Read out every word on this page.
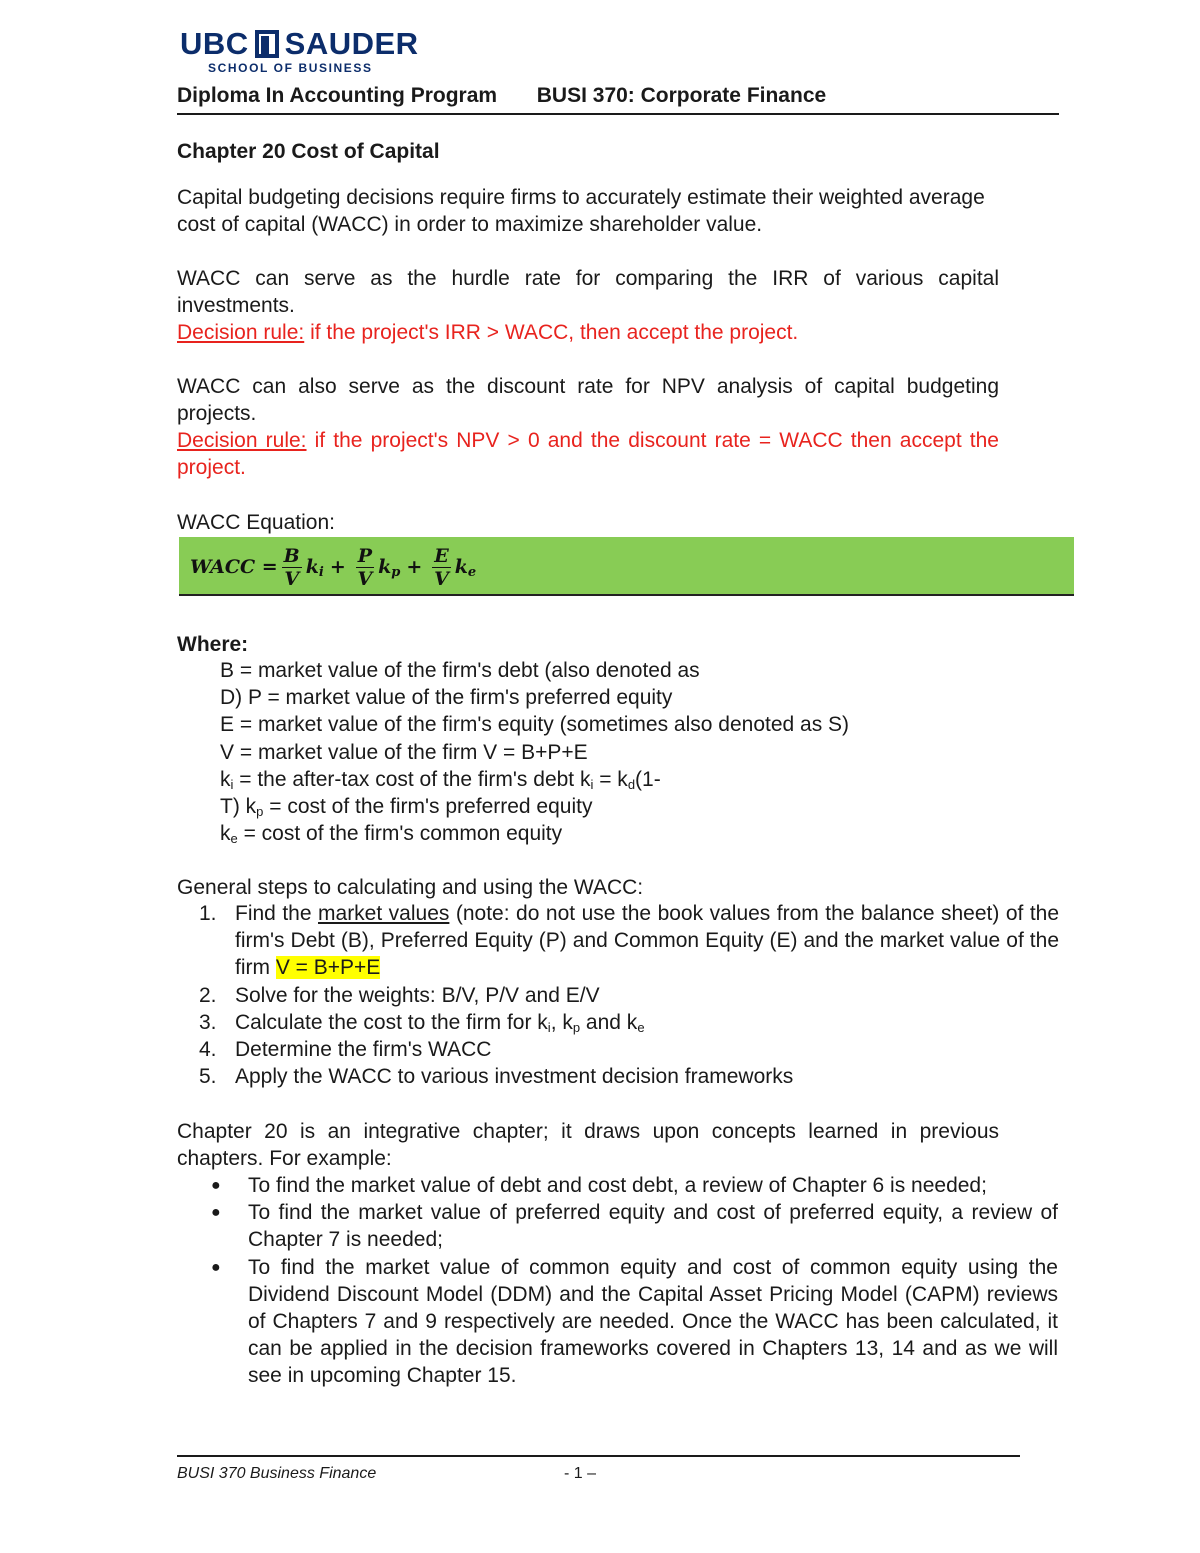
UBC SAUDER
SCHOOL OF BUSINESS
Diploma In Accounting Program BUSI 370: Corporate Finance
Chapter 20 Cost of Capital
Capital budgeting decisions require firms to accurately estimate their weighted average cost of capital (WACC) in order to maximize shareholder value.
WACC can serve as the hurdle rate for comparing the IRR of various capital investments.
Decision rule: if the project's IRR > WACC, then accept the project.
WACC can also serve as the discount rate for NPV analysis of capital budgeting projects.
Decision rule: if the project's NPV > 0 and the discount rate = WACC then accept the project.
WACC Equation:
WACC = $\frac{B}{V} k_i + \frac{P}{V} k_p + \frac{E}{V} k_e$
Where:
B = market value of the firm's debt (also denoted as
D) P = market value of the firm's preferred equity
E = market value of the firm's equity (sometimes also denoted as S)
V = market value of the firm V = B+P+E
$k_i$ = the after-tax cost of the firm's debt $k_i = k_d(1-$
T) $k_p = \cos t$ of the firm's preferred equity
$k_e = \cos t$ of the firm's common equity
General steps to calculating and using the WACC:
1. Find the market values (note: do not use the book values from the balance sheet) of the firm's Debt (B), Preferred Equity (P) and Common Equity (E) and the market value of the firm V = B+P+E
2. Solve for the weights: B/V, P/V and E/V
3. Calculate the cost to the firm for $k_i$, $k_p$ and $k_e$
4. Determine the firm's WACC
5. Apply the WACC to various investment decision frameworks
Chapter 20 is an integrative chapter; it draws upon concepts learned in previous chapters. For example:
●	To find the market value of debt and cost debt, a review of Chapter 6 is needed;
●	To find the market value of preferred equity and cost of preferred equity, a review of Chapter 7 is needed;
●	To find the market value of common equity and cost of common equity using the Dividend Discount Model (DDM) and the Capital Asset Pricing Model (CAPM) reviews of Chapters 7 and 9 respectively are needed. Once the WACC has been calculated, it can be applied in the decision frameworks covered in Chapters 13, 14 and as we will see in upcoming Chapter 15.
BUSI 370 Business Finance	- 1 –
